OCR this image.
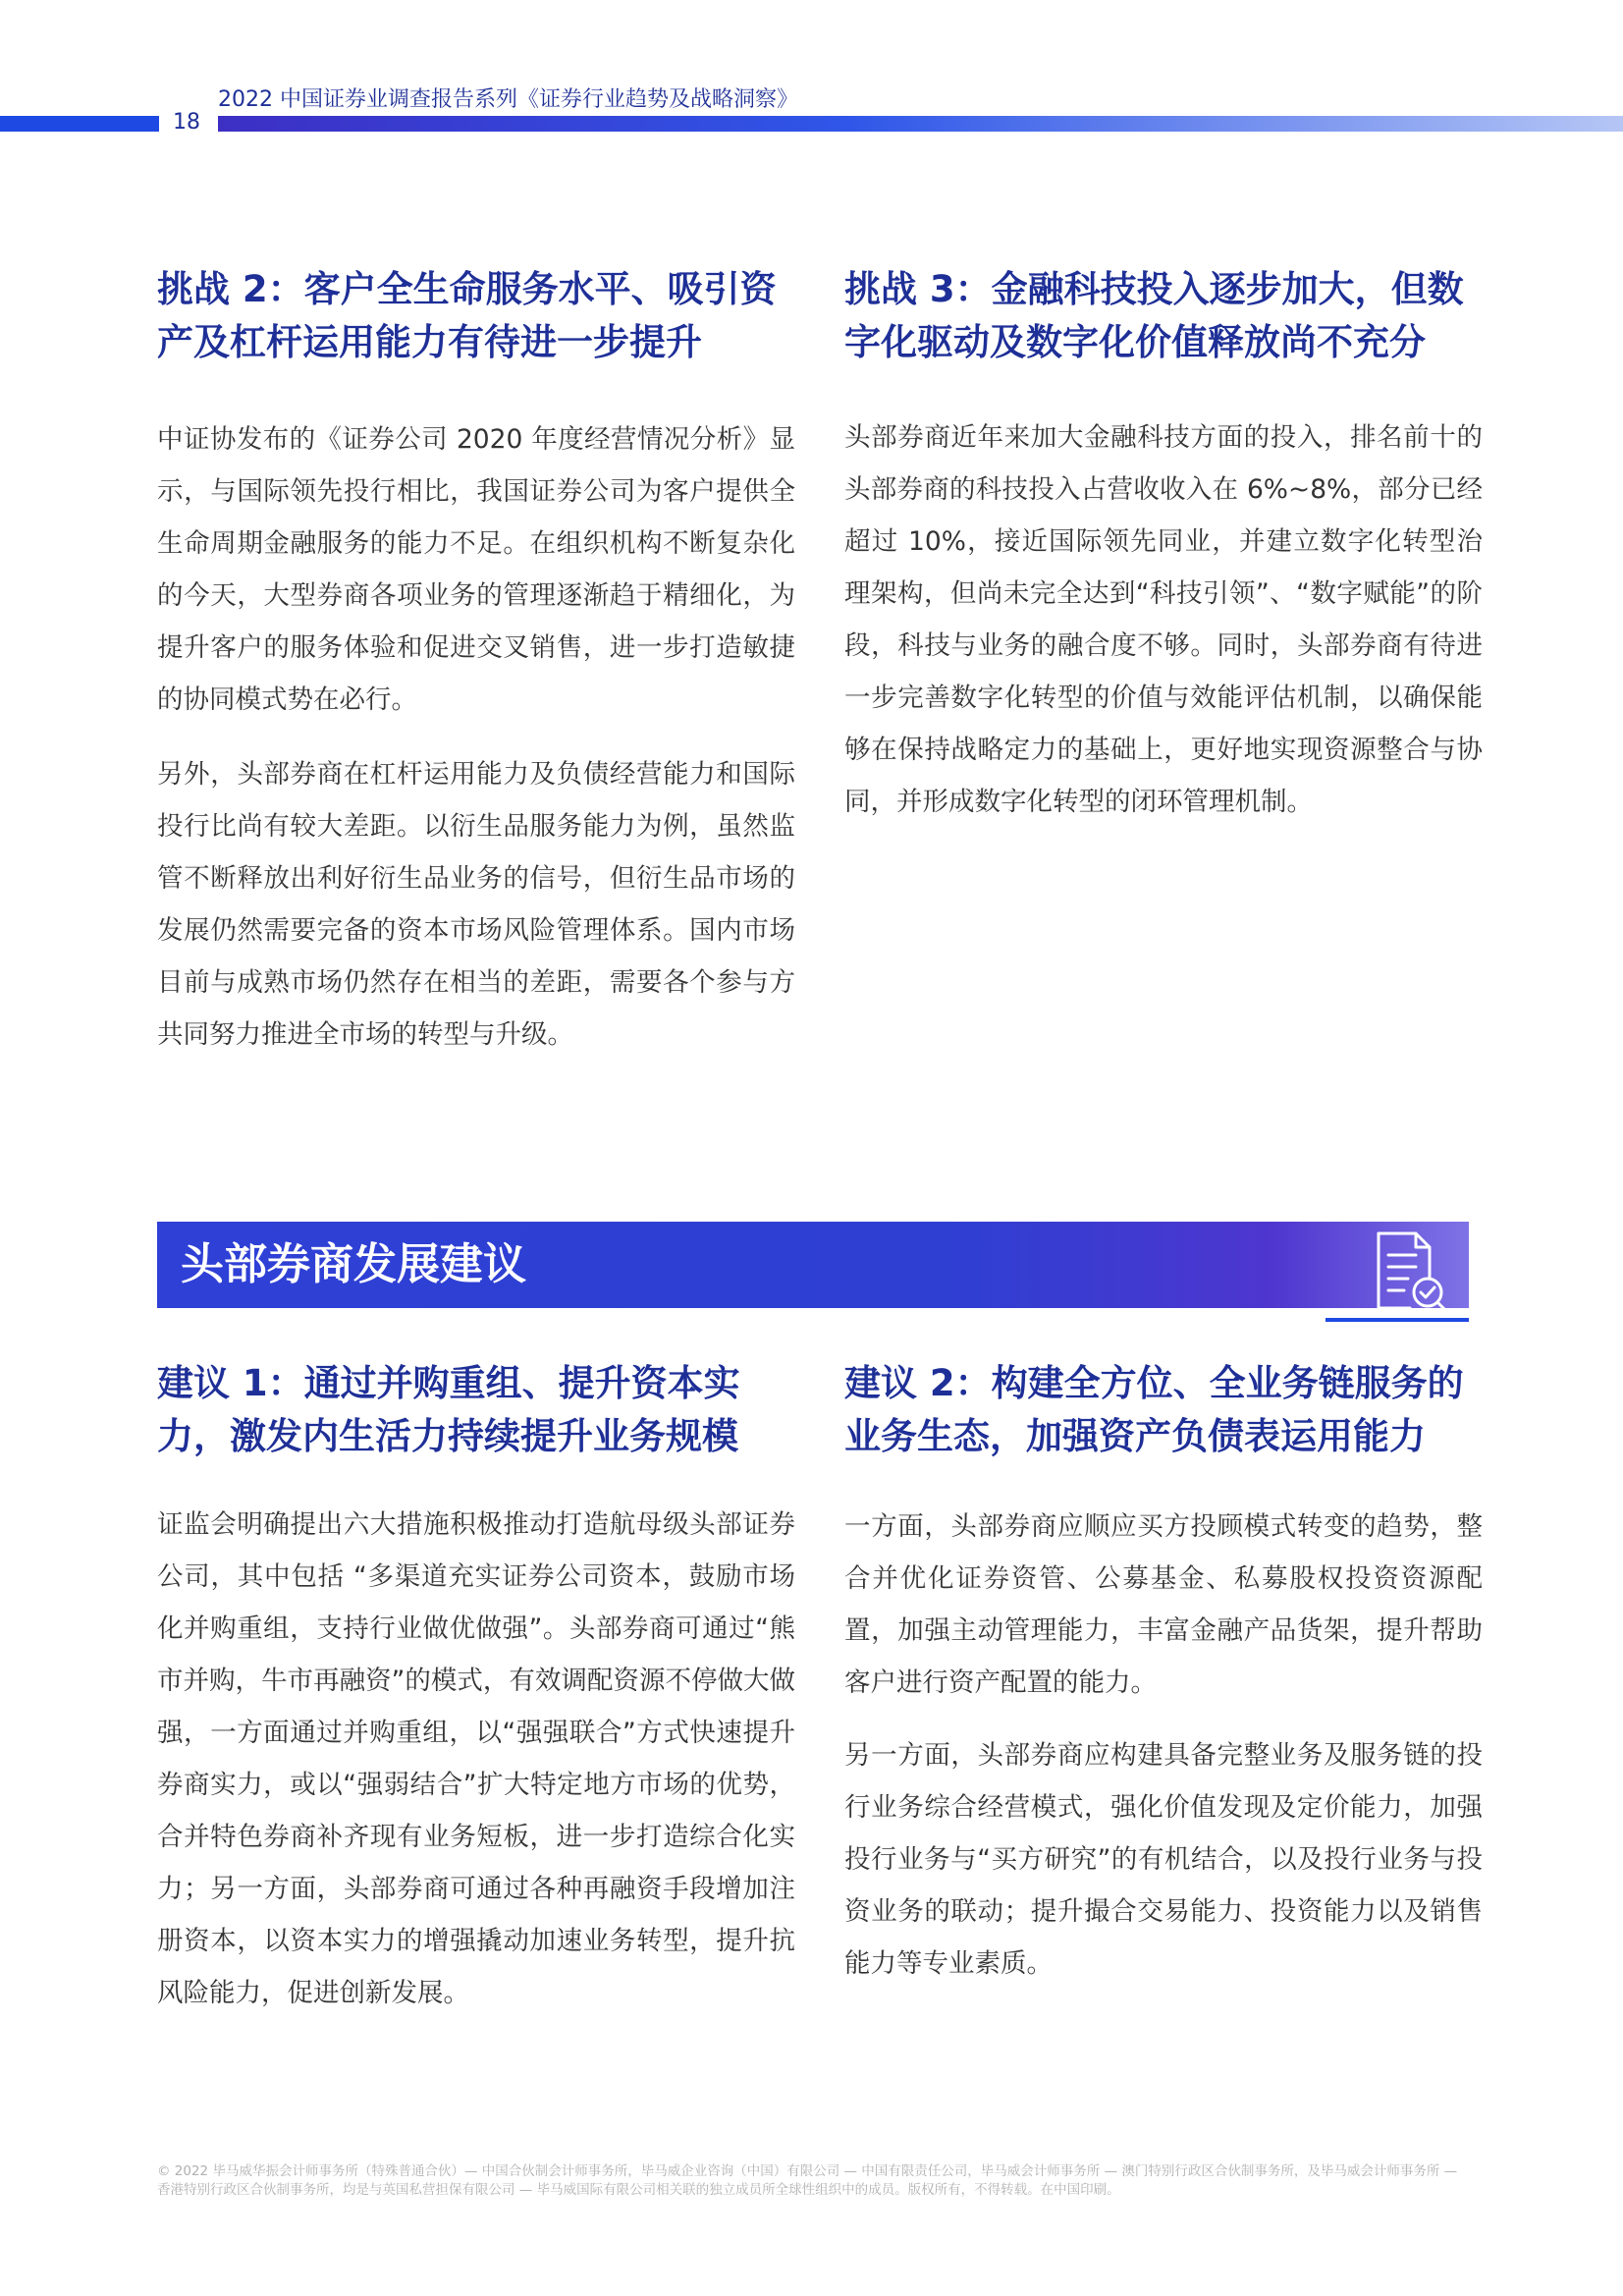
2022 中国证券业调查报告系列《证券行业趋势及战略洞察》
18
挑战 2：客户全生命服务水平、吸引资产及杠杆运用能力有待进一步提升

中证协发布的《证券公司 2020 年度经营情况分析》显示，与国际领先投行相比，我国证券公司为客户提供全生命周期金融服务的能力不足。在组织机构不断复杂化的今天，大型券商各项业务的管理逐渐趋于精细化，为提升客户的服务体验和促进交叉销售，进一步打造敏捷的协同模式势在必行。

另外，头部券商在杠杆运用能力及负债经营能力和国际投行比尚有较大差距。以衍生品服务能力为例，虽然监管不断释放出利好衍生品业务的信号，但衍生品市场的发展仍然需要完备的资本市场风险管理体系。国内市场目前与成熟市场仍然存在相当的差距，需要各个参与方共同努力推进全市场的转型与升级。

挑战 3：金融科技投入逐步加大，但数字化驱动及数字化价值释放尚不充分

头部券商近年来加大金融科技方面的投入，排名前十的头部券商的科技投入占营收收入在 6%~8%，部分已经超过 10%，接近国际领先同业，并建立数字化转型治理架构，但尚未完全达到“科技引领”、“数字赋能”的阶段，科技与业务的融合度不够。同时，头部券商有待进一步完善数字化转型的价值与效能评估机制，以确保能够在保持战略定力的基础上，更好地实现资源整合与协同，并形成数字化转型的闭环管理机制。

头部券商发展建议
建议 1：通过并购重组、提升资本实力，激发内生活力持续提升业务规模

证监会明确提出六大措施积极推动打造航母级头部证券公司，其中包括 “多渠道充实证券公司资本，鼓励市场化并购重组，支持行业做优做强”。头部券商可通过“熊市并购，牛市再融资”的模式，有效调配资源不停做大做强，一方面通过并购重组，以“强强联合”方式快速提升券商实力，或以“强弱结合”扩大特定地方市场的优势，合并特色券商补齐现有业务短板，进一步打造综合化实力；另一方面，头部券商可通过各种再融资手段增加注册资本，以资本实力的增强撬动加速业务转型，提升抗风险能力，促进创新发展。

建议 2：构建全方位、全业务链服务的业务生态，加强资产负债表运用能力

一方面，头部券商应顺应买方投顾模式转变的趋势，整合并优化证券资管、公募基金、私募股权投资资源配置，加强主动管理能力，丰富金融产品货架，提升帮助客户进行资产配置的能力。

另一方面，头部券商应构建具备完整业务及服务链的投行业务综合经营模式，强化价值发现及定价能力，加强投行业务与“买方研究”的有机结合，以及投行业务与投资业务的联动；提升撮合交易能力、投资能力以及销售能力等专业素质。

© 2022 毕马威华振会计师事务所（特殊普通合伙）— 中国合伙制会计师事务所，毕马威企业咨询（中国）有限公司 — 中国有限责任公司，毕马威会计师事务所 — 澳门特别行政区合伙制事务所，及毕马威会计师事务所 — 香港特别行政区合伙制事务所，均是与英国私营担保有限公司 — 毕马威国际有限公司相关联的独立成员所全球性组织中的成员。版权所有，不得转载。在中国印刷。
